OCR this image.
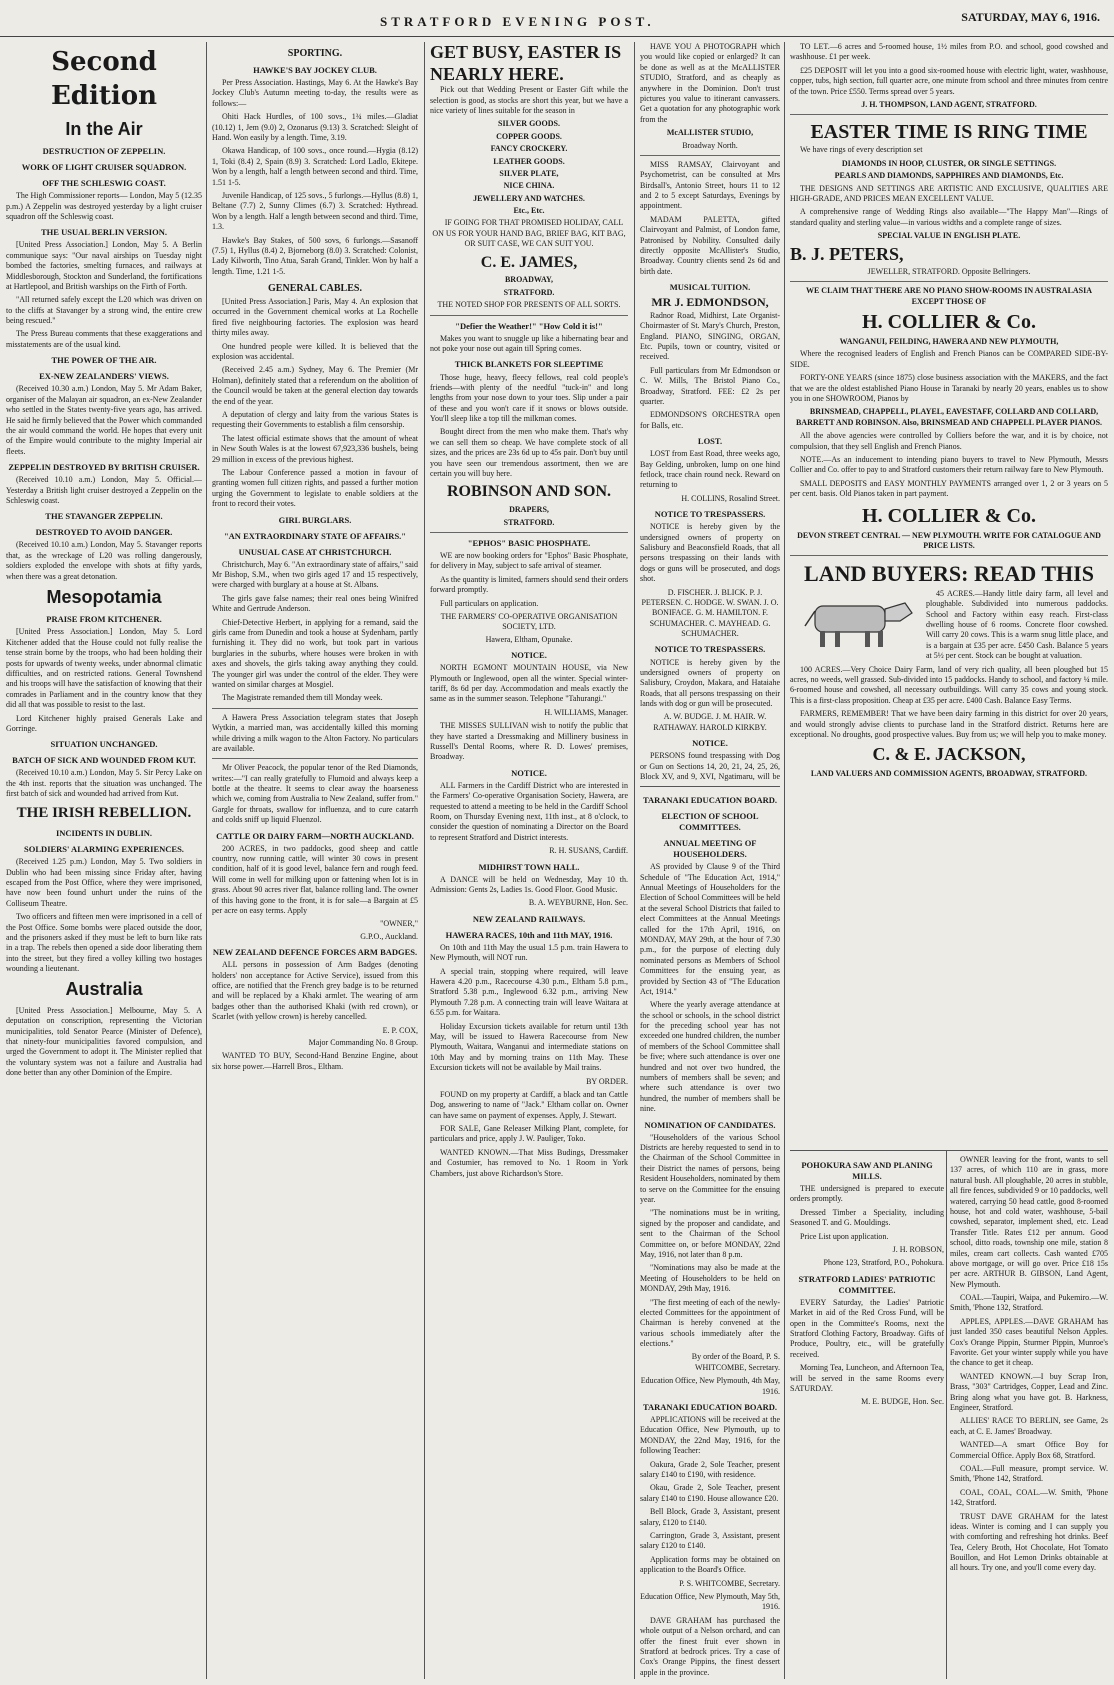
STRATFORD EVENING POST.	SATURDAY, MAY 6, 1916.
Second Edition
In the Air
DESTRUCTION OF ZEPPELIN.
WORK OF LIGHT CRUISER SQUADRON.
OFF THE SCHLESWIG COAST.

The High Commissioner reports— London, May 5 (12.35 p.m.) A Zeppelin was destroyed yesterday by a light cruiser squadron off the Schleswig coast.

THE USUAL BERLIN VERSION.

[United Press Association.] London, May 5. A Berlin communique says: "Our naval airships on Tuesday night bombed the factories, smelting furnaces, and railways at Middlesborough, Stockton and Sunderland, the fortifications at Hartlepool, and British warships on the Firth of Forth.

"All returned safely except the L20 which was driven on to the cliffs at Stavanger by a strong wind, the entire crew being rescued."

The Press Bureau comments that these exaggerations and misstatements are of the usual kind.

THE POWER OF THE AIR.
EX-NEW ZEALANDERS' VIEWS.

(Received 10.30 a.m.) London, May 5. Mr Adam Baker, organiser of the Malayan air squadron, an ex-New Zealander who settled in the States twenty-five years ago, has arrived. He said he firmly believed that the Power which commanded the air would command the world. He hopes that every unit of the Empire would contribute to the mighty Imperial air fleets.

ZEPPELIN DESTROYED BY BRITISH CRUISER.

(Received 10.10 a.m.) London, May 5. Official.—Yesterday a British light cruiser destroyed a Zeppelin on the Schleswig coast.

THE STAVANGER ZEPPELIN.
DESTROYED TO AVOID DANGER.

(Received 10.10 a.m.) London, May 5. Stavanger reports that, as the wreckage of L20 was rolling dangerously, soldiers exploded the envelope with shots at fifty yards, when there was a great detonation.

Mesopotamia
PRAISE FROM KITCHENER.

[United Press Association.] London, May 5. Lord Kitchener added that the House could not fully realise the tense strain borne by the troops, who had been holding their posts for upwards of twenty weeks, under abnormal climatic difficulties, and on restricted rations. General Townshend and his troops will have the satisfaction of knowing that their comrades in Parliament and in the country know that they did all that was possible to resist to the last.

Lord Kitchener highly praised Generals Lake and Gorringe.

SITUATION UNCHANGED.
BATCH OF SICK AND WOUNDED FROM KUT.

(Received 10.10 a.m.) London, May 5. Sir Percy Lake on the 4th inst. reports that the situation was unchanged. The first batch of sick and wounded had arrived from Kut.

THE IRISH REBELLION.
INCIDENTS IN DUBLIN.
SOLDIERS' ALARMING EXPERIENCES.

(Received 1.25 p.m.) London, May 5. Two soldiers in Dublin who had been missing since Friday after, having escaped from the Post Office, where they were imprisoned, have now been found unhurt under the ruins of the Colliseum Theatre.

Two officers and fifteen men were imprisoned in a cell of the Post Office. Some bombs were placed outside the door, and the prisoners asked if they must be left to burn like rats in a trap. The rebels then opened a side door liberating them into the street, but they fired a volley killing two hostages wounding a lieutenant.

Australia

[United Press Association.] Melbourne, May 5. A deputation on conscription, representing the Victorian municipalities, told Senator Pearce (Minister of Defence), that ninety-four municipalities favored compulsion, and urged the Government to adopt it. The Minister replied that the voluntary system was not a failure and Australia had done better than any other Dominion of the Empire.

SPORTING.
HAWKE'S BAY JOCKEY CLUB.

Per Press Association. Hastings, May 6. At the Hawke's Bay Jockey Club's Autumn meeting to-day, the results were as follows:—

Ohiti Hack Hurdles, of 100 sovs., 1¾ miles.—Gladiat (10.12) 1, Jem (9.0) 2, Ozonarus (9.13) 3. Scratched: Sleight of Hand. Won easily by a length. Time, 3.19.

Okawa Handicap, of 100 sovs., once round.—Hygia (8.12) 1, Toki (8.4) 2, Spain (8.9) 3. Scratched: Lord Ladlo, Ekitepe. Won by a length, half a length between second and third. Time, 1.51 1-5.

Juvenile Handicap, of 125 sovs., 5 furlongs.—Hyllus (8.8) 1, Beltane (7.7) 2, Sunny Climes (6.7) 3. Scratched: Hythread. Won by a length. Half a length between second and third. Time, 1.3.

Hawke's Bay Stakes, of 500 sovs, 6 furlongs.—Sasanoff (7.5) 1, Hyllus (8.4) 2, Bjorneborg (8.0) 3. Scratched: Colonist, Lady Kilworth, Tino Atua, Sarah Grand, Tinkler. Won by half a length. Time, 1.21 1-5.

GENERAL CABLES.

[United Press Association.] Paris, May 4. An explosion that occurred in the Government chemical works at La Rochelle fired five neighbouring factories. The explosion was heard thirty miles away.

One hundred people were killed. It is believed that the explosion was accidental.

(Received 2.45 a.m.) Sydney, May 6. The Premier (Mr Holman), definitely stated that a referendum on the abolition of the Council would be taken at the general election day towards the end of the year.

A deputation of clergy and laity from the various States is requesting their Governments to establish a film censorship.

The latest official estimate shows that the amount of wheat in New South Wales is at the lowest 67,923,336 bushels, being 29 million in excess of the previous highest.

The Labour Conference passed a motion in favour of granting women full citizen rights, and passed a further motion urging the Government to legislate to enable soldiers at the front to record their votes.

GIRL BURGLARS.
"AN EXTRAORDINARY STATE OF AFFAIRS."
UNUSUAL CASE AT CHRISTCHURCH.

Christchurch, May 6. "An extraordinary state of affairs," said Mr Bishop, S.M., when two girls aged 17 and 15 respectively, were charged with burglary at a house at St. Albans.

The girls gave false names; their real ones being Winifred White and Gertrude Anderson.

Chief-Detective Herbert, in applying for a remand, said the girls came from Dunedin and took a house at Sydenham, partly furnishing it. They did no work, but took part in various burglaries in the suburbs, where houses were broken in with axes and shovels, the girls taking away anything they could. The younger girl was under the control of the elder. They were wanted on similar charges at Mosgiel.

The Magistrate remanded them till Monday week.

A Hawera Press Association telegram states that Joseph Wytkin, a married man, was accidentally killed this morning while driving a milk wagon to the Alton Factory. No particulars are available.

Mr Oliver Peacock, the popular tenor of the Red Diamonds, writes:—"I can really gratefully to Flumoid and always keep a bottle at the theatre. It seems to clear away the hoarseness which we, coming from Australia to New Zealand, suffer from." Gargle for throats, swallow for influenza, and to cure catarrh and colds sniff up liquid Fluenzol.

CATTLE OR DAIRY FARM—NORTH AUCKLAND.

200 ACRES, in two paddocks, good sheep and cattle country, now running cattle, will winter 30 cows in present condition, half of it is good level, balance fern and rough feed. Will come in well for milking upon or fattening when lot is in grass. About 90 acres river flat, balance rolling land. The owner of this having gone to the front, it is for sale—a Bargain at £5 per acre on easy terms. Apply

"OWNER,"
G.P.O., Auckland.
NEW ZEALAND DEFENCE FORCES ARM BADGES.

ALL persons in possession of Arm Badges (denoting holders' non acceptance for Active Service), issued from this office, are notified that the French grey badge is to be returned and will be replaced by a Khaki armlet. The wearing of arm badges other than the authorised Khaki (with red crown), or Scarlet (with yellow crown) is hereby cancelled.

E. P. COX,
Major Commanding No. 8 Group.

WANTED TO BUY, Second-Hand Benzine Engine, about six horse power.—Harrell Bros., Eltham.

GET BUSY, EASTER IS NEARLY HERE.

Pick out that Wedding Present or Easter Gift while the selection is good, as stocks are short this year, but we have a nice variety of lines suitable for the season in

SILVER GOODS.
COPPER GOODS.
FANCY CROCKERY.
LEATHER GOODS.
SILVER PLATE,
NICE CHINA.
JEWELLERY AND WATCHES.
Etc., Etc.

IF GOING FOR THAT PROMISED HOLIDAY, CALL ON US FOR YOUR HAND BAG, BRIEF BAG, KIT BAG, OR SUIT CASE, WE CAN SUIT YOU.

C. E. JAMES,
BROADWAY,
STRATFORD.
THE NOTED SHOP FOR PRESENTS OF ALL SORTS.
"Defier the Weather!" "How Cold it is!"

Makes you want to snuggle up like a hibernating bear and not poke your nose out again till Spring comes.

THICK BLANKETS FOR SLEEPTIME

Those huge, heavy, fleecy fellows, real cold people's friends—with plenty of the needful "tuck-in" and long lengths from your nose down to your toes. Slip under a pair of these and you won't care if it snows or blows outside. You'll sleep like a top till the milkman comes.

Bought direct from the men who make them. That's why we can sell them so cheap. We have complete stock of all sizes, and the prices are 23s 6d up to 45s pair. Don't buy until you have seen our tremendous assortment, then we are certain you will buy here.

ROBINSON AND SON.
DRAPERS,
STRATFORD.
"EPHOS" BASIC PHOSPHATE.

WE are now booking orders for "Ephos" Basic Phosphate, for delivery in May, subject to safe arrival of steamer.

As the quantity is limited, farmers should send their orders forward promptly.

Full particulars on application.

THE FARMERS' CO-OPERATIVE ORGANISATION SOCIETY, LTD.
Hawera, Eltham, Opunake.
NOTICE.

NORTH EGMONT MOUNTAIN HOUSE, via New Plymouth or Inglewood, open all the winter. Special winter-tariff, 8s 6d per day. Accommodation and meals exactly the same as in the summer season. Telephone "Tahurangi."

H. WILLIAMS, Manager.

THE MISSES SULLIVAN wish to notify the public that they have started a Dressmaking and Millinery business in Russell's Dental Rooms, where R. D. Lowes' premises, Broadway.

NOTICE.

ALL Farmers in the Cardiff District who are interested in the Farmers' Co-operative Organisation Society, Hawera, are requested to attend a meeting to be held in the Cardiff School Room, on Thursday Evening next, 11th inst., at 8 o'clock, to consider the question of nominating a Director on the Board to represent Stratford and District interests.

R. H. SUSANS, Cardiff.
MIDHIRST TOWN HALL.

A DANCE will be held on Wednesday, May 10 th. Admission: Gents 2s, Ladies 1s. Good Floor. Good Music.

B. A. WEYBURNE, Hon. Sec.
NEW ZEALAND RAILWAYS.
HAWERA RACES, 10th and 11th MAY, 1916.

On 10th and 11th May the usual 1.5 p.m. train Hawera to New Plymouth, will NOT run.

A special train, stopping where required, will leave Hawera 4.20 p.m., Racecourse 4.30 p.m., Eltham 5.8 p.m., Stratford 5.38 p.m., Inglewood 6.32 p.m., arriving New Plymouth 7.28 p.m. A connecting train will leave Waitara at 6.55 p.m. for Waitara.

Holiday Excursion tickets available for return until 13th May, will be issued to Hawera Racecourse from New Plymouth, Waitara, Wanganui and intermediate stations on 10th May and by morning trains on 11th May. These Excursion tickets will not be available by Mail trains.

BY ORDER.

FOUND on my property at Cardiff, a black and tan Cattle Dog, answering to name of "Jack." Eltham collar on. Owner can have same on payment of expenses. Apply, J. Stewart.

FOR SALE, Gane Releaser Milking Plant, complete, for particulars and price, apply J. W. Pauliger, Toko.

WANTED KNOWN.—That Miss Budings, Dressmaker and Costumier, has removed to No. 1 Room in York Chambers, just above Richardson's Store.

HAVE YOU A PHOTOGRAPH which you would like copied or enlarged? It can be done as well as at the McALLISTER STUDIO, Stratford, and as cheaply as anywhere in the Dominion. Don't trust pictures you value to itinerant canvassers. Get a quotation for any photographic work from the

McALLISTER STUDIO,
Broadway North.

MISS RAMSAY, Clairvoyant and Psychometrist, can be consulted at Mrs Birdsall's, Antonio Street, hours 11 to 12 and 2 to 5 except Saturdays, Evenings by appointment.

MADAM PALETTA, gifted Clairvoyant and Palmist, of London fame, Patronised by Nobility. Consulted daily directly opposite McAllister's Studio, Broadway. Country clients send 2s 6d and birth date.

MUSICAL TUITION.
MR J. EDMONDSON,

Radnor Road, Midhirst, Late Organist-Choirmaster of St. Mary's Church, Preston, England. PIANO, SINGING, ORGAN, Etc. Pupils, town or country, visited or received.

Full particulars from Mr Edmondson or C. W. Mills, The Bristol Piano Co., Broadway, Stratford. FEE: £2 2s per quarter.

EDMONDSON'S ORCHESTRA open for Balls, etc.

LOST.

LOST from East Road, three weeks ago, Bay Gelding, unbroken, lump on one hind fetlock, trace chain round neck. Reward on returning to

H. COLLINS, Rosalind Street.
NOTICE TO TRESPASSERS.

NOTICE is hereby given by the undersigned owners of property on Salisbury and Beaconsfield Roads, that all persons trespassing on their lands with dogs or guns will be prosecuted, and dogs shot.

D. FISCHER. J. BLICK. P. J. PETERSEN. C. HODGE. W. SWAN. J. O. BONIFACE. G. M. HAMILTON. F. SCHUMACHER. C. MAYHEAD. G. SCHUMACHER.

NOTICE TO TRESPASSERS.

NOTICE is hereby given by the undersigned owners of property on Salisbury, Croydon, Makara, and Hataiahe Roads, that all persons trespassing on their lands with dog or gun will be prosecuted.

A. W. BUDGE. J. M. HAIR. W. RATHAWAY. HAROLD KIRKBY.

NOTICE.

PERSONS found trespassing with Dog or Gun on Sections 14, 20, 21, 24, 25, 26, Block XV, and 9, XVI, Ngatimaru, will be

TO LET.—6 acres and 5-roomed house, 1½ miles from P.O. and school, good cowshed and washhouse. £1 per week.

£25 DEPOSIT will let you into a good six-roomed house with electric light, water, washhouse, copper, tubs, high section, full quarter acre, one minute from school and three minutes from centre of the town. Price £550. Terms spread over 5 years.

J. H. THOMPSON, LAND AGENT, STRATFORD.
EASTER TIME IS RING TIME

We have rings of every description set

DIAMONDS IN HOOP, CLUSTER, OR SINGLE SETTINGS.
PEARLS AND DIAMONDS, SAPPHIRES AND DIAMONDS, Etc.

THE DESIGNS AND SETTINGS ARE ARTISTIC AND EXCLUSIVE, QUALITIES ARE HIGH-GRADE, AND PRICES MEAN EXCELLENT VALUE.

A comprehensive range of Wedding Rings also available—"The Happy Man"—Rings of standard quality and sterling value—in various widths and a complete range of sizes.

SPECIAL VALUE IN ENGLISH PLATE.
B. J. PETERS,
JEWELLER, STRATFORD. Opposite Bellringers.
WE CLAIM THAT THERE ARE NO PIANO SHOW-ROOMS IN AUSTRALASIA EXCEPT THOSE OF
H. COLLIER & Co.
WANGANUI, FEILDING, HAWERA AND NEW PLYMOUTH,

Where the recognised leaders of English and French Pianos can be COMPARED SIDE-BY-SIDE.

FORTY-ONE YEARS (since 1875) close business association with the MAKERS, and the fact that we are the oldest established Piano House in Taranaki by nearly 20 years, enables us to show you in one SHOWROOM, Pianos by

BRINSMEAD, CHAPPELL, PLAYEL, EAVESTAFF, COLLARD AND COLLARD, BARRETT AND ROBINSON. Also, BRINSMEAD AND CHAPPELL PLAYER PIANOS.

All the above agencies were controlled by Colliers before the war, and it is by choice, not compulsion, that they sell English and French Pianos.

NOTE.—As an inducement to intending piano buyers to travel to New Plymouth, Messrs Collier and Co. offer to pay to and Stratford customers their return railway fare to New Plymouth.

SMALL DEPOSITS and EASY MONTHLY PAYMENTS arranged over 1, 2 or 3 years on 5 per cent. basis. Old Pianos taken in part payment.

H. COLLIER & Co.
DEVON STREET CENTRAL — NEW PLYMOUTH. WRITE FOR CATALOGUE AND PRICE LISTS.
LAND BUYERS: READ THIS

45 ACRES.—Handy little dairy farm, all level and ploughable. Subdivided into numerous paddocks. School and Factory within easy reach. First-class dwelling house of 6 rooms. Concrete floor cowshed. Will carry 20 cows. This is a warm snug little place, and is a bargain at £35 per acre. £450 Cash. Balance 5 years at 5½ per cent. Stock can be bought at valuation.

100 ACRES.—Very Choice Dairy Farm, land of very rich quality, all been ploughed but 15 acres, no weeds, well grassed. Sub-divided into 15 paddocks. Handy to school, and factory ¼ mile. 6-roomed house and cowshed, all necessary outbuildings. Will carry 35 cows and young stock. This is a first-class proposition. Cheap at £35 per acre. £400 Cash. Balance Easy Terms.

FARMERS, REMEMBER! That we have been dairy farming in this district for over 20 years, and would strongly advise clients to purchase land in the Stratford district. Returns here are exceptional. No droughts, good prospective values. Buy from us; we will help you to make money.

C. & E. JACKSON,
LAND VALUERS AND COMMISSION AGENTS, BROADWAY, STRATFORD.
TARANAKI EDUCATION BOARD.
ELECTION OF SCHOOL COMMITTEES.
ANNUAL MEETING OF HOUSEHOLDERS.

AS provided by Clause 9 of the Third Schedule of "The Education Act, 1914," Annual Meetings of Householders for the Election of School Committees will be held at the several School Districts that failed to elect Committees at the Annual Meetings called for the 17th April, 1916, on MONDAY, MAY 29th, at the hour of 7.30 p.m., for the purpose of electing duly nominated persons as Members of School Committees for the ensuing year, as provided by Section 43 of "The Education Act, 1914."

Where the yearly average attendance at the school or schools, in the school district for the preceding school year has not exceeded one hundred children, the number of members of the School Committee shall be five; where such attendance is over one hundred and not over two hundred, the numbers of members shall be seven; and where such attendance is over two hundred, the number of members shall be nine.

NOMINATION OF CANDIDATES.

"Householders of the various School Districts are hereby requested to send in to the Chairman of the School Committee in their District the names of persons, being Resident Householders, nominated by them to serve on the Committee for the ensuing year.

"The nominations must be in writing, signed by the proposer and candidate, and sent to the Chairman of the School Committee on, or before MONDAY, 22nd May, 1916, not later than 8 p.m.

"Nominations may also be made at the Meeting of Householders to be held on MONDAY, 29th May, 1916.

"The first meeting of each of the newly-elected Committees for the appointment of Chairman is hereby convened at the various schools immediately after the elections."

By order of the Board, P. S. WHITCOMBE, Secretary.
Education Office, New Plymouth, 4th May, 1916.
TARANAKI EDUCATION BOARD.

APPLICATIONS will be received at the Education Office, New Plymouth, up to MONDAY, the 22nd May, 1916, for the following Teacher:

Oakura, Grade 2, Sole Teacher, present salary £140 to £190, with residence.

Okau, Grade 2, Sole Teacher, present salary £140 to £190. House allowance £20.

Bell Block, Grade 3, Assistant, present salary, £120 to £140.

Carrington, Grade 3, Assistant, present salary £120 to £140.

Application forms may be obtained on application to the Board's Office.

P. S. WHITCOMBE, Secretary.
Education Office, New Plymouth, May 5th, 1916.

DAVE GRAHAM has purchased the whole output of a Nelson orchard, and can offer the finest fruit ever shown in Stratford at bedrock prices. Try a case of Cox's Orange Pippins, the finest dessert apple in the province.

POHOKURA SAW AND PLANING MILLS.

THE undersigned is prepared to execute orders promptly.

Dressed Timber a Speciality, including Seasoned T. and G. Mouldings.

Price List upon application.

J. H. ROBSON,
Phone 123, Stratford, P.O., Pohokura.
STRATFORD LADIES' PATRIOTIC COMMITTEE.

EVERY Saturday, the Ladies' Patriotic Market in aid of the Red Cross Fund, will be open in the Committee's Rooms, next the Stratford Clothing Factory, Broadway. Gifts of Produce, Poultry, etc., will be gratefully received.

Morning Tea, Luncheon, and Afternoon Tea, will be served in the same Rooms every SATURDAY.

M. E. BUDGE, Hon. Sec.

OWNER leaving for the front, wants to sell 137 acres, of which 110 are in grass, more natural bush. All ploughable, 20 acres in stubble, all fire fences, subdivided 9 or 10 paddocks, well watered, carrying 50 head cattle, good 8-roomed house, hot and cold water, washhouse, 5-bail cowshed, separator, implement shed, etc. Lead Transfer Title. Rates £12 per annum. Good school, ditto roads, township one mile, station 8 miles, cream cart collects. Cash wanted £705 above mortgage, or will go over. Price £18 15s per acre. ARTHUR B. GIBSON, Land Agent, New Plymouth.

COAL.—Taupiri, Waipa, and Pukemiro.—W. Smith, 'Phone 132, Stratford.

APPLES, APPLES.—DAVE GRAHAM has just landed 350 cases beautiful Nelson Apples. Cox's Orange Pippin, Sturmer Pippin, Munroe's Favorite. Get your winter supply while you have the chance to get it cheap.

WANTED KNOWN.—I buy Scrap Iron, Brass, "303" Cartridges, Copper, Lead and Zinc. Bring along what you have got. B. Harkness, Engineer, Stratford.

ALLIES' RACE TO BERLIN, see Game, 2s each, at C. E. James' Broadway.

WANTED—A smart Office Boy for Commercial Office. Apply Box 68, Stratford.

COAL.—Full measure, prompt service. W. Smith, 'Phone 142, Stratford.

COAL, COAL, COAL.—W. Smith, 'Phone 142, Stratford.

TRUST DAVE GRAHAM for the latest ideas. Winter is coming and I can supply you with comforting and refreshing hot drinks. Beef Tea, Celery Broth, Hot Chocolate, Hot Tomato Bouillon, and Hot Lemon Drinks obtainable at all hours. Try one, and you'll come every day.
